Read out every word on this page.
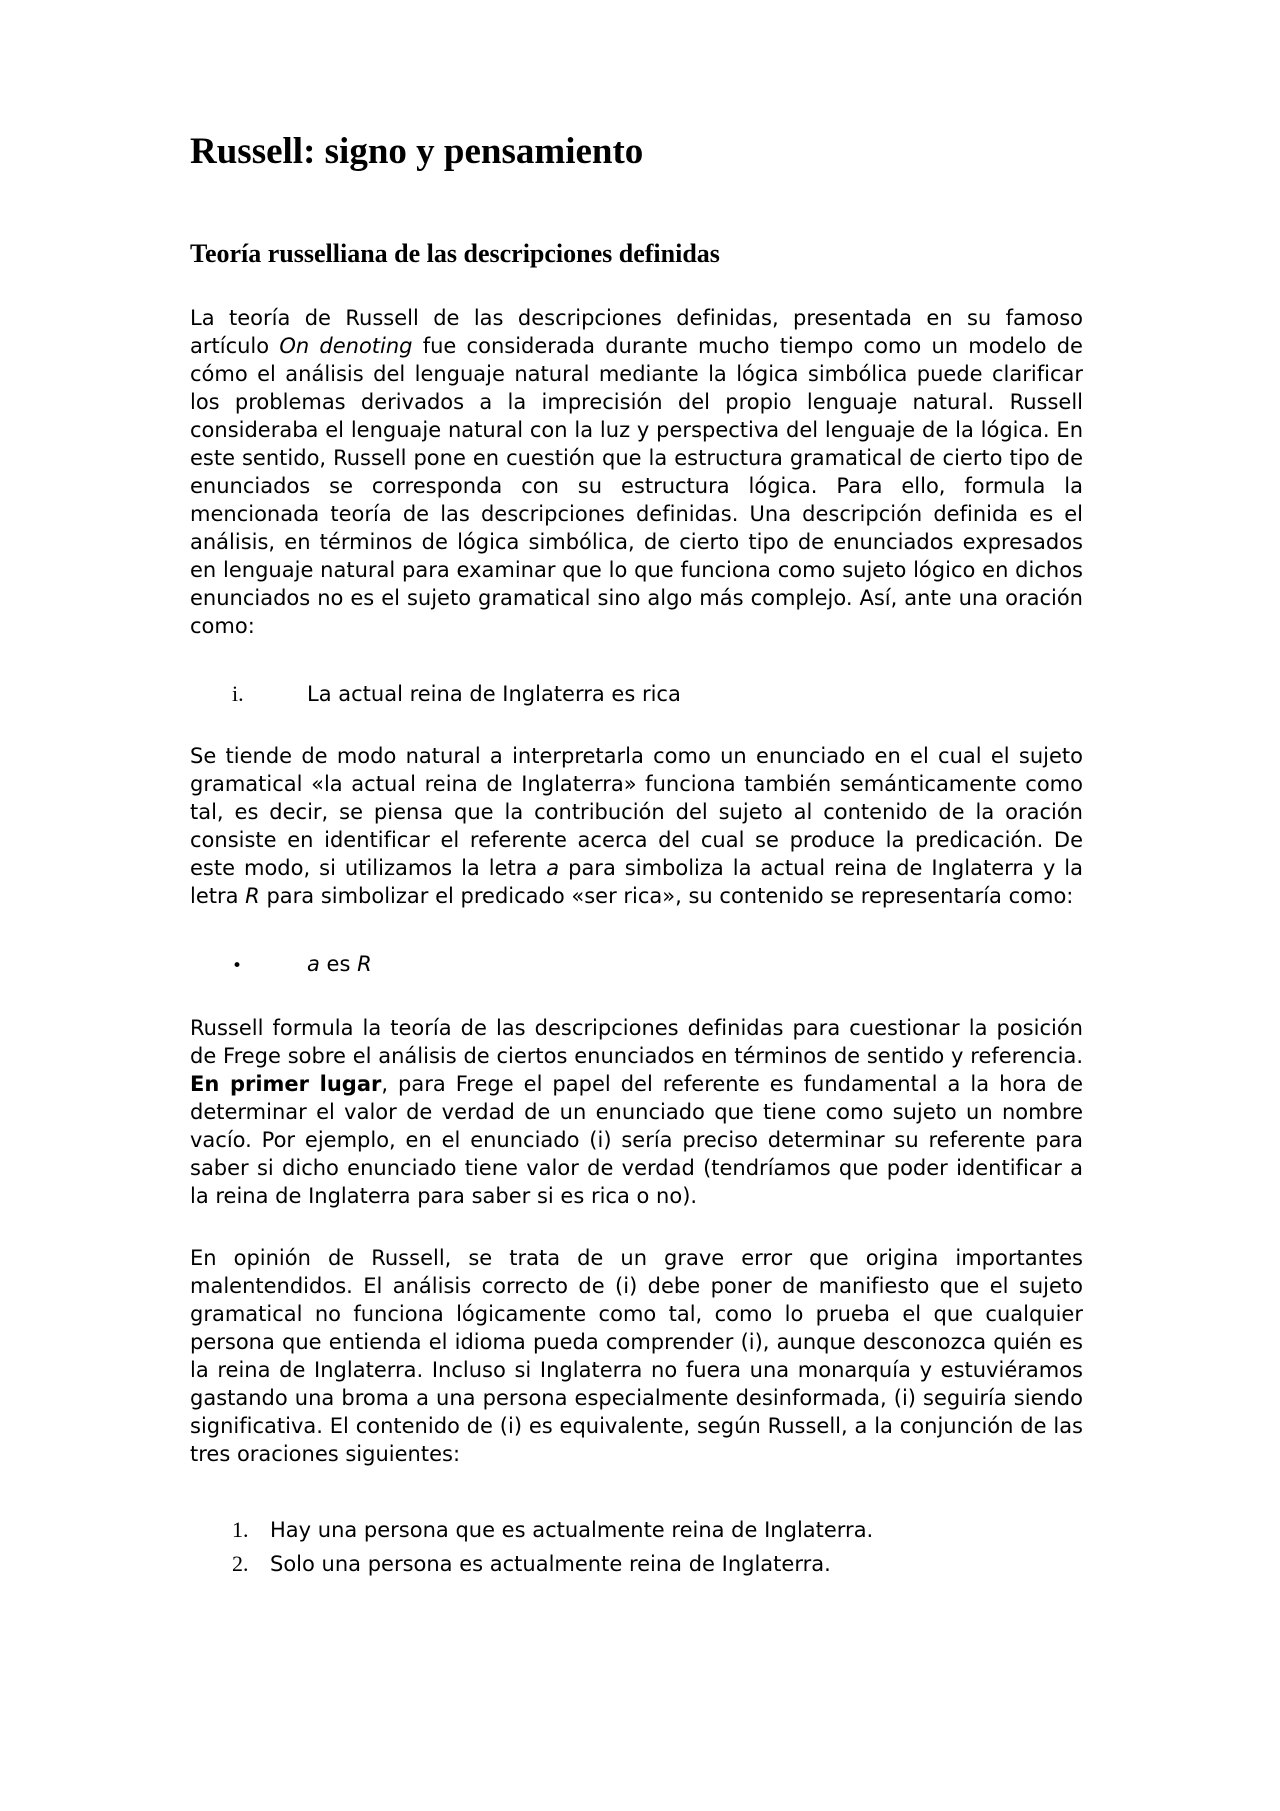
Russell: signo y pensamiento
Teoría russelliana de las descripciones definidas

La teoría de Russell de las descripciones definidas, presentada en su famoso artículo On denoting fue considerada durante mucho tiempo como un modelo de cómo el análisis del lenguaje natural mediante la lógica simbólica puede clarificar los problemas derivados a la imprecisión del propio lenguaje natural. Russell consideraba el lenguaje natural con la luz y perspectiva del lenguaje de la lógica. En este sentido, Russell pone en cuestión que la estructura gramatical de cierto tipo de enunciados se corresponda con su estructura lógica. Para ello, formula la mencionada teoría de las descripciones definidas. Una descripción definida es el análisis, en términos de lógica simbólica, de cierto tipo de enunciados expresados en lenguaje natural para examinar que lo que funciona como sujeto lógico en dichos enunciados no es el sujeto gramatical sino algo más complejo. Así, ante una oración como:

i.	La actual reina de Inglaterra es rica

Se tiende de modo natural a interpretarla como un enunciado en el cual el sujeto gramatical «la actual reina de Inglaterra» funciona también semánticamente como tal, es decir, se piensa que la contribución del sujeto al contenido de la oración consiste en identificar el referente acerca del cual se produce la predicación. De este modo, si utilizamos la letra a para simboliza la actual reina de Inglaterra y la letra R para simbolizar el predicado «ser rica», su contenido se representaría como:

•	a es R

Russell formula la teoría de las descripciones definidas para cuestionar la posición de Frege sobre el análisis de ciertos enunciados en términos de sentido y referencia. En primer lugar, para Frege el papel del referente es fundamental a la hora de determinar el valor de verdad de un enunciado que tiene como sujeto un nombre vacío. Por ejemplo, en el enunciado (i) sería preciso determinar su referente para saber si dicho enunciado tiene valor de verdad (tendríamos que poder identificar a la reina de Inglaterra para saber si es rica o no).

En opinión de Russell, se trata de un grave error que origina importantes malentendidos. El análisis correcto de (i) debe poner de manifiesto que el sujeto gramatical no funciona lógicamente como tal, como lo prueba el que cualquier persona que entienda el idioma pueda comprender (i), aunque desconozca quién es la reina de Inglaterra. Incluso si Inglaterra no fuera una monarquía y estuviéramos gastando una broma a una persona especialmente desinformada, (i) seguiría siendo significativa. El contenido de (i) es equivalente, según Russell, a la conjunción de las tres oraciones siguientes:

1.	Hay una persona que es actualmente reina de Inglaterra.
2.	Solo una persona es actualmente reina de Inglaterra.
